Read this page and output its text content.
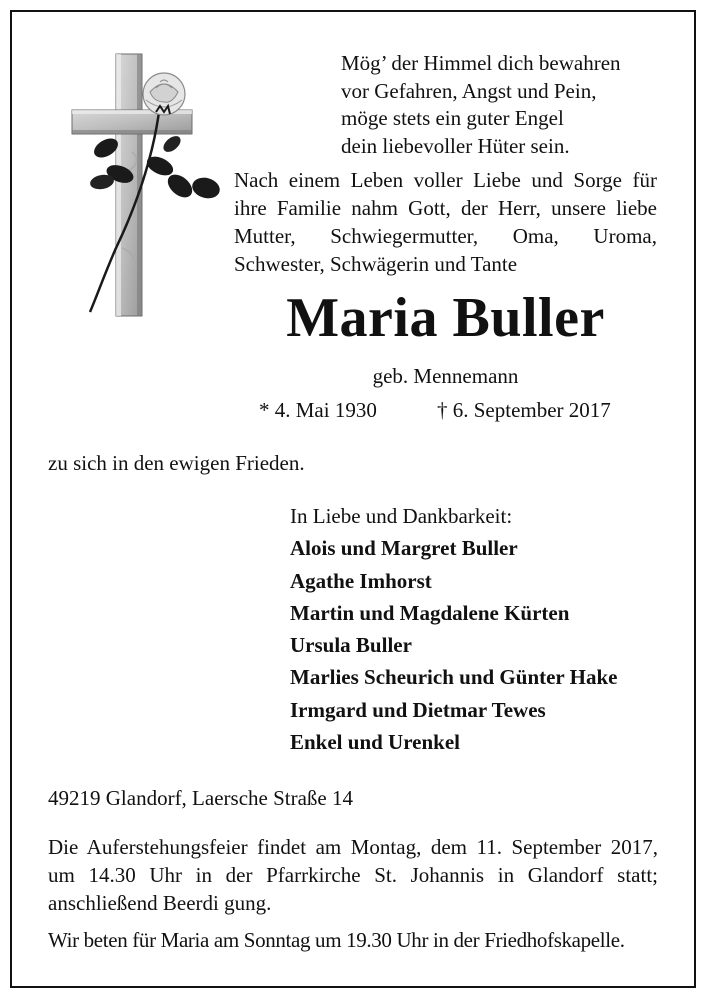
Mög’ der Himmel dich bewahren
vor Gefahren, Angst und Pein,
möge stets ein guter Engel
dein liebevoller Hüter sein.
Nach einem Leben voller Liebe und Sorge für
ihre Familie nahm Gott, der Herr, unsere liebe
Mutter, Schwiegermutter, Oma, Uroma,
Schwester, Schwägerin und Tante
Maria Buller
geb. Mennemann
* 4. Mai 1930	† 6. September 2017
zu sich in den ewigen Frieden.
In Liebe und Dankbarkeit:
Alois und Margret Buller
Agathe Imhorst
Martin und Magdalene Kürten
Ursula Buller
Marlies Scheurich und Günter Hake
Irmgard und Dietmar Tewes
Enkel und Urenkel
49219 Glandorf, Laersche Straße 14
Die Auferstehungsfeier findet am Montag, dem 11. September 2017,
um 14.30 Uhr in der Pfarrkirche St. Johannis in Glandorf statt;
anschließend Beerdi gung.
Wir beten für Maria am Sonntag um 19.30 Uhr in der Friedhofskapelle.
